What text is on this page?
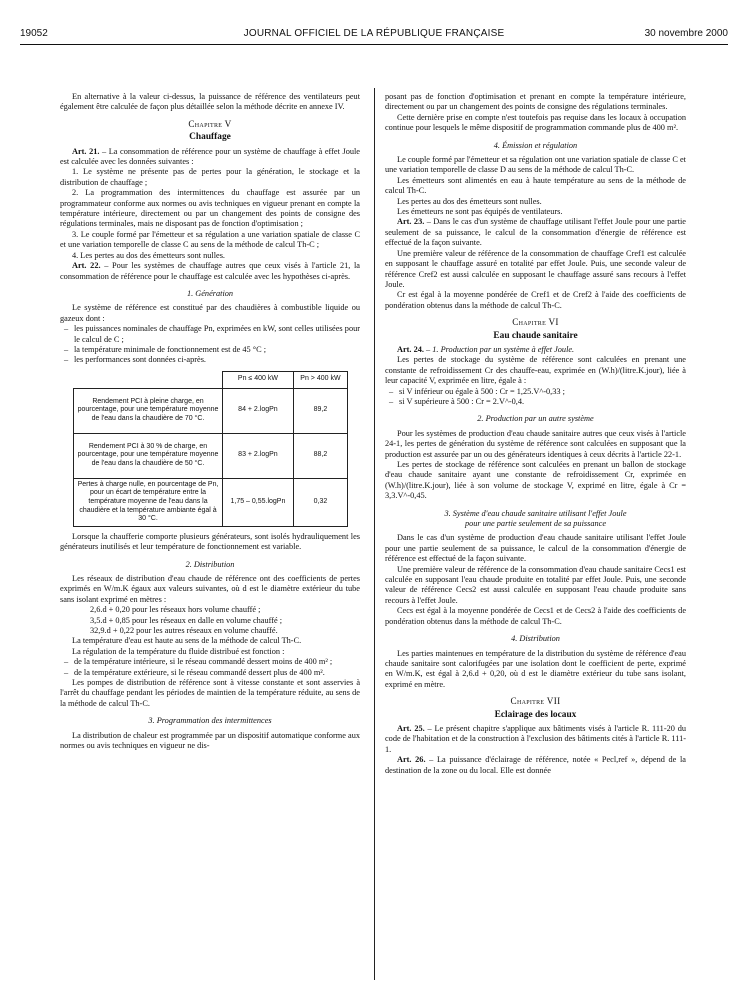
19052	JOURNAL OFFICIEL DE LA RÉPUBLIQUE FRANÇAISE	30 novembre 2000

En alternative à la valeur ci-dessus, la puissance de référence des ventilateurs peut également être calculée de façon plus détaillée selon la méthode décrite en annexe IV.

Chapitre V
Chauffage

Art. 21. – La consommation de référence pour un système de chauffage à effet Joule est calculée avec les données suivantes :

1. Le système ne présente pas de pertes pour la génération, le stockage et la distribution de chauffage ;

2. La programmation des intermittences du chauffage est assurée par un programmateur conforme aux normes ou avis techniques en vigueur prenant en compte la température intérieure, directement ou par un changement des points de consigne des régulations terminales, mais ne disposant pas de fonction d'optimisation ;

3. Le couple formé par l'émetteur et sa régulation a une variation spatiale de classe C et une variation temporelle de classe C au sens de la méthode de calcul Th-C ;

4. Les pertes au dos des émetteurs sont nulles.

Art. 22. – Pour les systèmes de chauffage autres que ceux visés à l'article 21, la consommation de référence pour le chauffage est calculée avec les hypothèses ci-après.

1. Génération

Le système de référence est constitué par des chaudières à combustible liquide ou gazeux dont :

– les puissances nominales de chauffage Pn, exprimées en kW, sont celles utilisées pour le calcul de C ;

– la température minimale de fonctionnement est de 45 °C ;

– les performances sont données ci-après.

	Pn ≤ 400 kW	Pn > 400 kW
Rendement PCI à pleine charge, en pourcentage, pour une température moyenne de l'eau dans la chaudière de 70 °C.	84 + 2.logPn	89,2
Rendement PCI à 30 % de charge, en pourcentage, pour une température moyenne de l'eau dans la chaudière de 50 °C.	83 + 2.logPn	88,2
Pertes à charge nulle, en pourcentage de Pn, pour un écart de température entre la température moyenne de l'eau dans la chaudière et la température ambiante égal à 30 °C.	1,75 – 0,55.logPn	0,32

Lorsque la chaufferie comporte plusieurs générateurs, sont isolés hydrauliquement les générateurs inutilisés et leur température de fonctionnement est variable.

2. Distribution

Les réseaux de distribution d'eau chaude de référence ont des coefficients de pertes exprimés en W/m.K égaux aux valeurs suivantes, où d est le diamètre extérieur du tube sans isolant exprimé en mètres :

2,6.d + 0,20 pour les réseaux hors volume chauffé ;

3,5.d + 0,85 pour les réseaux en dalle en volume chauffé ;

32,9.d + 0,22 pour les autres réseaux en volume chauffé.

La température d'eau est haute au sens de la méthode de calcul Th-C.

La régulation de la température du fluide distribué est fonction :

– de la température intérieure, si le réseau commandé dessert moins de 400 m² ;

– de la température extérieure, si le réseau commandé dessert plus de 400 m².

Les pompes de distribution de référence sont à vitesse constante et sont asservies à l'arrêt du chauffage pendant les périodes de maintien de la température réduite, au sens de la méthode de calcul Th-C.

3. Programmation des intermittences

La distribution de chaleur est programmée par un dispositif automatique conforme aux normes ou avis techniques en vigueur ne dis-

posant pas de fonction d'optimisation et prenant en compte la température intérieure, directement ou par un changement des points de consigne des régulations terminales.

Cette dernière prise en compte n'est toutefois pas requise dans les locaux à occupation continue pour lesquels le même dispositif de programmation commande plus de 400 m².

4. Émission et régulation

Le couple formé par l'émetteur et sa régulation ont une variation spatiale de classe C et une variation temporelle de classe D au sens de la méthode de calcul Th-C.

Les émetteurs sont alimentés en eau à haute température au sens de la méthode de calcul Th-C.

Les pertes au dos des émetteurs sont nulles.

Les émetteurs ne sont pas équipés de ventilateurs.

Art. 23. – Dans le cas d'un système de chauffage utilisant l'effet Joule pour une partie seulement de sa puissance, le calcul de la consommation d'énergie de référence est effectué de la façon suivante.

Une première valeur de référence de la consommation de chauffage Cref1 est calculée en supposant le chauffage assuré en totalité par effet Joule. Puis, une seconde valeur de référence Cref2 est aussi calculée en supposant le chauffage assuré sans recours à l'effet Joule.

Cr est égal à la moyenne pondérée de Cref1 et de Cref2 à l'aide des coefficients de pondération obtenus dans la méthode de calcul Th-C.

Chapitre VI
Eau chaude sanitaire

Art. 24. – 1. Production par un système à effet Joule.

Les pertes de stockage du système de référence sont calculées en prenant une constante de refroidissement Cr des chauffe-eau, exprimée en (W.h)/(litre.K.jour), liée à leur capacité V, exprimée en litre, égale à :

– si V inférieur ou égale à 500 : Cr = 1,25.V^-0,33 ;

– si V supérieure à 500 : Cr = 2.V^-0,4.

2. Production par un autre système

Pour les systèmes de production d'eau chaude sanitaire autres que ceux visés à l'article 24-1, les pertes de génération du système de référence sont calculées en supposant que la production est assurée par un ou des générateurs identiques à ceux décrits à l'article 22-1.

Les pertes de stockage de référence sont calculées en prenant un ballon de stockage d'eau chaude sanitaire ayant une constante de refroidissement Cr, exprimée en (W.h)/(litre.K.jour), liée à son volume de stockage V, exprimé en litre, égale à Cr = 3,3.V^-0,45.

3. Système d'eau chaude sanitaire utilisant l'effet Joule
pour une partie seulement de sa puissance

Dans le cas d'un système de production d'eau chaude sanitaire utilisant l'effet Joule pour une partie seulement de sa puissance, le calcul de la consommation d'énergie de référence est effectué de la façon suivante.

Une première valeur de référence de la consommation d'eau chaude sanitaire Cecs1 est calculée en supposant l'eau chaude produite en totalité par effet Joule. Puis, une seconde valeur de référence Cecs2 est aussi calculée en supposant l'eau chaude produite sans recours à l'effet Joule.

Cecs est égal à la moyenne pondérée de Cecs1 et de Cecs2 à l'aide des coefficients de pondération obtenus dans la méthode de calcul Th-C.

4. Distribution

Les parties maintenues en température de la distribution du système de référence d'eau chaude sanitaire sont calorifugées par une isolation dont le coefficient de perte, exprimé en W/m.K, est égal à 2,6.d + 0,20, où d est le diamètre extérieur du tube sans isolant, exprimé en mètre.

Chapitre VII
Eclairage des locaux

Art. 25. – Le présent chapitre s'applique aux bâtiments visés à l'article R. 111-20 du code de l'habitation et de la construction à l'exclusion des bâtiments cités à l'article R. 111-1.

Art. 26. – La puissance d'éclairage de référence, notée « Pecl,ref », dépend de la destination de la zone ou du local. Elle est donnée
